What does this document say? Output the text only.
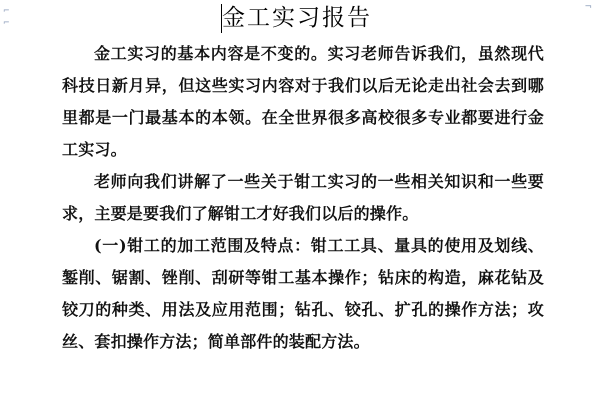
⌐
⌐
¬
金工实习报告

金工实习的基本内容是不变的。实习老师告诉我们，虽然现代科技日新月异，但这些实习内容对于我们以后无论走出社会去到哪里都是一门最基本的本领。在全世界很多高校很多专业都要进行金工实习。

老师向我们讲解了一些关于钳工实习的一些相关知识和一些要求，主要是要我们了解钳工才好我们以后的操作。

(一)钳工的加工范围及特点：钳工工具、量具的使用及划线、錾削、锯割、锉削、刮研等钳工基本操作；钻床的构造，麻花钻及铰刀的种类、用法及应用范围；钻孔、铰孔、扩孔的操作方法；攻丝、套扣操作方法；简单部件的装配方法。
